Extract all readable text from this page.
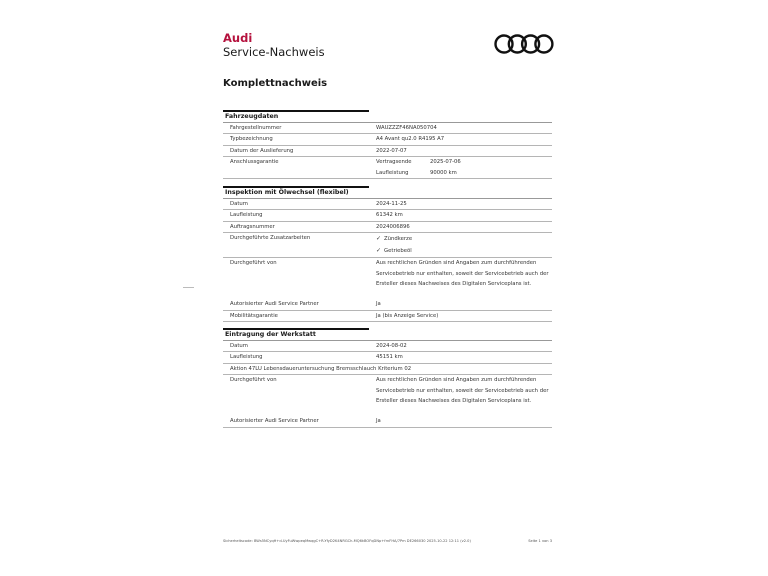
Audi
Service-Nachweis
Komplettnachweis
Fahrzeugdaten
Fahrgestellnummer	WAUZZZF46NA050704
Typbezeichnung	A4 Avant qu2.0 R4195 A7
Datum der Auslieferung	2022-07-07
Anschlussgarantie	Vertragsende	2025-07-06
Laufleistung	90000 km
Inspektion mit Ölwechsel (flexibel)
Datum	2024-11-25
Laufleistung	61342 km
Auftragsnummer	2024006896
Durchgeführte Zusatzarbeiten	✓ Zündkerze
✓ Getriebeöl
Durchgeführt von	Aus rechtlichen Gründen sind Angaben zum durchführenden
Servicebetrieb nur enthalten, soweit der Servicebetrieb auch der
Ersteller dieses Nachweises des Digitalen Serviceplans ist.
Autorisierter Audi Service Partner	Ja
Mobilitätsgarantie	Ja (bis Anzeige Service)
Eintragung der Werkstatt
Datum	2024-08-02
Laufleistung	45151 km
Aktion 47LU Lebensdaueruntersuchung Bremsschlauch Kriterium 02
Durchgeführt von	Aus rechtlichen Gründen sind Angaben zum durchführenden
Servicebetrieb nur enthalten, soweit der Servicebetrieb auch der
Ersteller dieses Nachweises des Digitalen Serviceplans ist.
Autorisierter Audi Service Partner	Ja
Sicherheitscode: BWs5NCyqH+d-UyFuWwpeqMwqgC+R-YfyD2K4NRGCh-MQ6kBOFqDNp+frnFHA/7Pm DE266030 2025-10-22 12:11 (v2.0)	Seite 1 von 3
